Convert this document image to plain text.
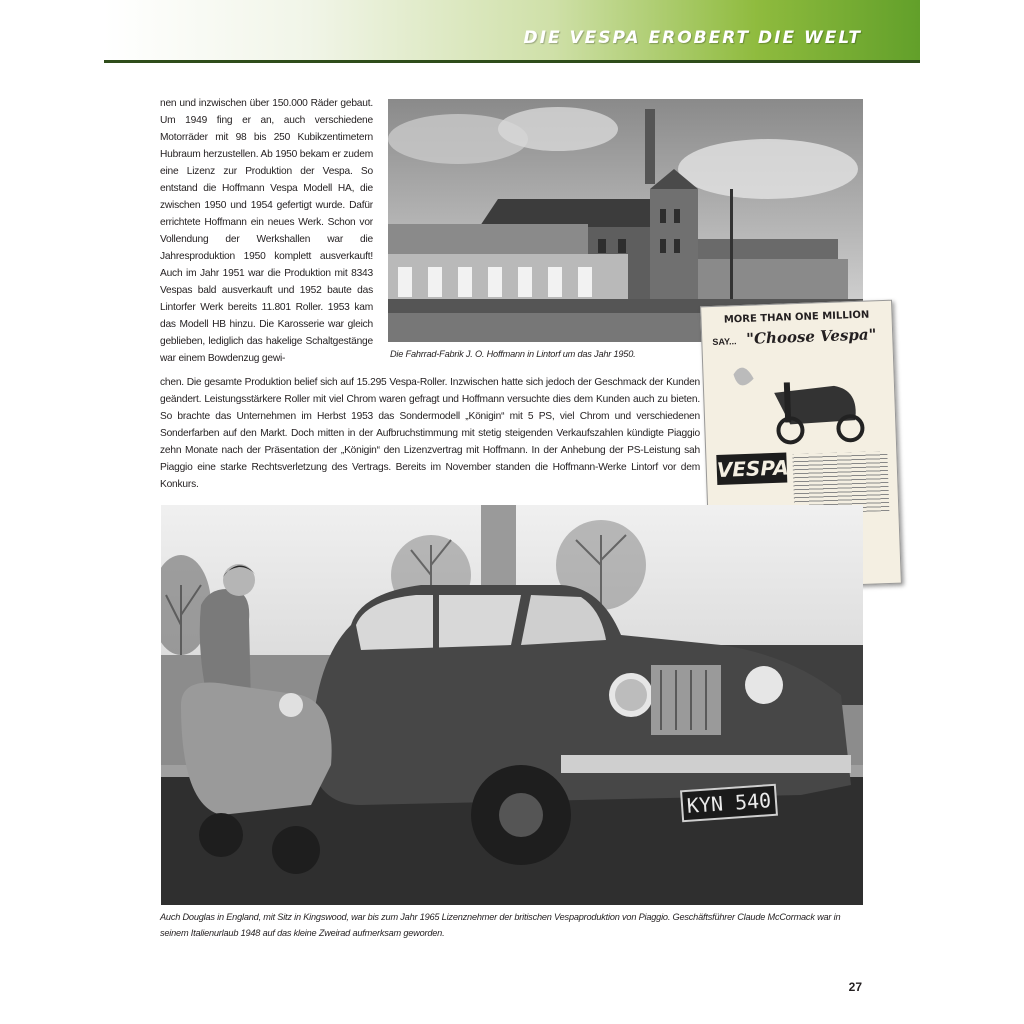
DIE VESPA EROBERT DIE WELT

nen und inzwischen über 150.000 Räder gebaut. Um 1949 fing er an, auch verschiedene Motorräder mit 98 bis 250 Kubikzentimetern Hubraum herzustellen. Ab 1950 bekam er zudem eine Lizenz zur Produktion der Vespa. So entstand die Hoffmann Vespa Modell HA, die zwischen 1950 und 1954 gefertigt wurde. Dafür errichtete Hoffmann ein neues Werk. Schon vor Vollendung der Werkshallen war die Jahresproduktion 1950 komplett ausverkauft! Auch im Jahr 1951 war die Produktion mit 8343 Vespas bald ausverkauft und 1952 baute das Lintorfer Werk bereits 11.801 Roller. 1953 kam das Modell HB hinzu. Die Karosserie war gleich geblieben, lediglich das hakelige Schaltgestänge war einem Bowdenzug gewi-

chen. Die gesamte Produktion belief sich auf 15.295 Vespa-Roller. Inzwischen hatte sich jedoch der Geschmack der Kunden geändert. Leistungsstärkere Roller mit viel Chrom waren gefragt und Hoffmann versuchte dies dem Kunden auch zu bieten. So brachte das Unternehmen im Herbst 1953 das Sondermodell „Königin“ mit 5 PS, viel Chrom und verschiedenen Sonderfarben auf den Markt. Doch mitten in der Aufbruchstimmung mit stetig steigenden Verkaufszahlen kündigte Piaggio zehn Monate nach der Präsentation der „Königin“ den Lizenzvertrag mit Hoffmann. In der Anhebung der PS-Leistung sah Piaggio eine starke Rechtsverletzung des Vertrags. Bereits im November standen die Hoffmann-Werke Lintorf vor dem Konkurs.

Die Fahrrad-Fabrik J. O. Hoffmann in Lintorf um das Jahr 1950.
MORE THAN ONE MILLION
SAY... "Choose Vespa"
VESPA
KYN 540
Auch Douglas in England, mit Sitz in Kingswood, war bis zum Jahr 1965 Lizenznehmer der britischen Vespaproduktion von Piaggio. Geschäftsführer Claude McCormack war in seinem Italienurlaub 1948 auf das kleine Zweirad aufmerksam geworden.
27
